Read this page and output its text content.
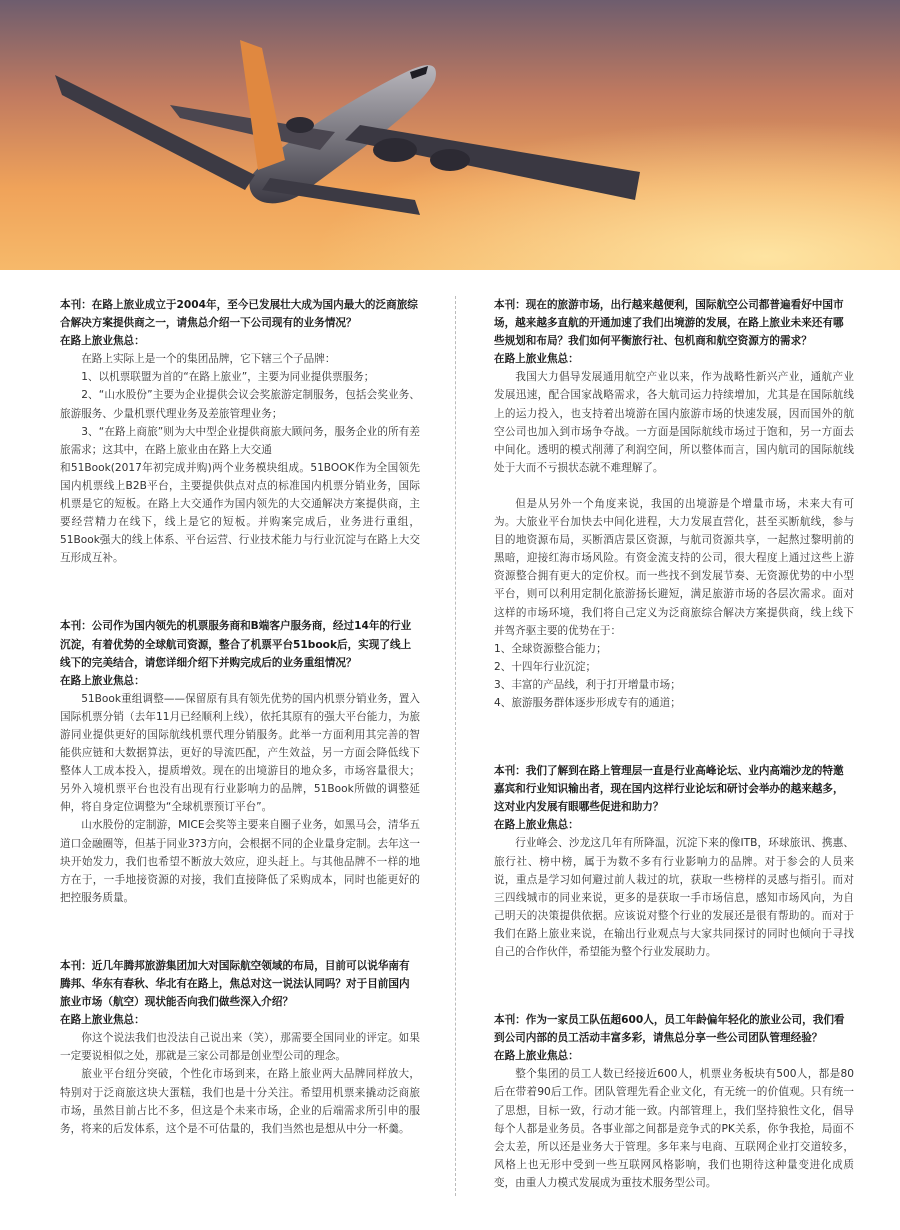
本刊：在路上旅业成立于2004年，至今已发展壮大成为国内最大的泛商旅综合解决方案提供商之一，请焦总介绍一下公司现有的业务情况？

在路上旅业焦总：

在路上实际上是一个的集团品牌，它下辖三个子品牌：

1、以机票联盟为首的“在路上旅业”，主要为同业提供票服务；

2、“山水股份”主要为企业提供会议会奖旅游定制服务，包括会奖业务、旅游服务、少量机票代理业务及差旅管理业务；

3、“在路上商旅”则为大中型企业提供商旅大顾问务，服务企业的所有差旅需求；这其中，在路上旅业由在路上大交通

和51Book(2017年初完成并购)两个业务模块组成。51BOOK作为全国领先国内机票线上B2B平台，主要提供供点对点的标准国内机票分销业务，国际机票是它的短板。在路上大交通作为国内领先的大交通解决方案提供商，主要经营精力在线下，线上是它的短板。并购案完成后，业务进行重组，51Book强大的线上体系、平台运营、行业技术能力与行业沉淀与在路上大交互形成互补。

本刊：公司作为国内领先的机票服务商和B端客户服务商，经过14年的行业沉淀，有着优势的全球航司资源，整合了机票平台51book后，实现了线上线下的完美结合，请您详细介绍下并购完成后的业务重组情况？

在路上旅业焦总：

51Book重组调整——保留原有具有领先优势的国内机票分销业务，置入国际机票分销（去年11月已经顺利上线），依托其原有的强大平台能力，为旅游同业提供更好的国际航线机票代理分销服务。此举一方面利用其完善的智能供应链和大数据算法，更好的导流匹配，产生效益，另一方面会降低线下整体人工成本投入，提质增效。现在的出境游目的地众多，市场容量很大；另外入境机票平台也没有出现有行业影响力的品牌，51Book所做的调整延伸，将自身定位调整为“全球机票预订平台”。

山水股份的定制游，MICE会奖等主要来自圈子业务，如黑马会，清华五道口金融圈等，但基于同业3?3方向，会根据不同的企业量身定制。去年这一块开始发力，我们也希望不断放大效应，迎头赶上。与其他品牌不一样的地方在于，一手地接资源的对接，我们直接降低了采购成本，同时也能更好的把控服务质量。

本刊：近几年腾邦旅游集团加大对国际航空领域的布局，目前可以说华南有腾邦、华东有春秋、华北有在路上，焦总对这一说法认同吗？对于目前国内旅业市场（航空）现状能否向我们做些深入介绍？

在路上旅业焦总：

你这个说法我们也没法自己说出来（笑），那需要全国同业的评定。如果一定要说相似之处，那就是三家公司都是创业型公司的理念。

旅业平台纽分突破，个性化市场到来，在路上旅业两大品牌同样放大，特别对于泛商旅这块大蛋糕，我们也是十分关注。希望用机票来撬动泛商旅市场，虽然目前占比不多，但这是个未来市场，企业的后端需求所引申的服务，将来的后发体系，这个是不可估量的，我们当然也是想从中分一杯羹。

本刊：现在的旅游市场，出行越来越便利，国际航空公司都普遍看好中国市场，越来越多直航的开通加速了我们出境游的发展，在路上旅业未来还有哪些规划和布局？我们如何平衡旅行社、包机商和航空资源方的需求？

在路上旅业焦总：

我国大力倡导发展通用航空产业以来，作为战略性新兴产业，通航产业发展迅速，配合国家战略需求，各大航司运力持续增加，尤其是在国际航线上的运力投入，也支持着出境游在国内旅游市场的快速发展，因而国外的航空公司也加入到市场争夺战。一方面是国际航线市场过于饱和，另一方面去中间化。透明的模式削薄了利润空间，所以整体而言，国内航司的国际航线处于大而不亏损状态就不难理解了。

但是从另外一个角度来说，我国的出境游是个增量市场，未来大有可为。大旅业平台加快去中间化进程，大力发展直营化，甚至买断航线，参与目的地资源布局，买断酒店景区资源，与航司资源共享，一起熬过黎明前的黑暗，迎接红海市场风险。有资金流支持的公司，很大程度上通过这些上游资源整合拥有更大的定价权。而一些找不到发展节奏、无资源优势的中小型平台，则可以利用定制化旅游扬长避短，满足旅游市场的各层次需求。面对这样的市场环境，我们将自己定义为泛商旅综合解决方案提供商，线上线下并驾齐驱主要的优势在于：

1、全球资源整合能力；

2、十四年行业沉淀；

3、丰富的产品线，利于打开增量市场；

4、旅游服务群体逐步形成专有的通道；

本刊：我们了解到在路上管理层一直是行业高峰论坛、业内高端沙龙的特邀嘉宾和行业知识输出者，现在国内这样行业论坛和研讨会举办的越来越多，这对业内发展有眼哪些促进和助力？

在路上旅业焦总：

行业峰会、沙龙这几年有所降温，沉淀下来的像ITB，环球旅讯、携惠、旅行社、榜中榜，属于为数不多有行业影响力的品牌。对于参会的人员来说，重点是学习如何避过前人栽过的坑，获取一些榜样的灵感与指引。而对三四线城市的同业来说，更多的是获取一手市场信息，感知市场风向，为自己明天的决策提供依据。应该说对整个行业的发展还是很有帮助的。而对于我们在路上旅业来说，在输出行业观点与大家共同探讨的同时也倾向于寻找自己的合作伙伴，希望能为整个行业发展助力。

本刊：作为一家员工队伍超600人，员工年龄偏年轻化的旅业公司，我们看到公司内部的员工活动丰富多彩，请焦总分享一些公司团队管理经验？

在路上旅业焦总：

整个集团的员工人数已经接近600人，机票业务板块有500人，都是80后在带着90后工作。团队管理先看企业文化，有无统一的价值观。只有统一了思想，目标一致，行动才能一致。内部管理上，我们坚持狼性文化，倡导每个人都是业务员。各事业部之间都是竞争式的PK关系，你争我抢，局面不会太差，所以还是业务大于管理。多年来与电商、互联网企业打交道较多，风格上也无形中受到一些互联网风格影响，我们也期待这种量变进化成质变，由重人力模式发展成为重技术服务型公司。
